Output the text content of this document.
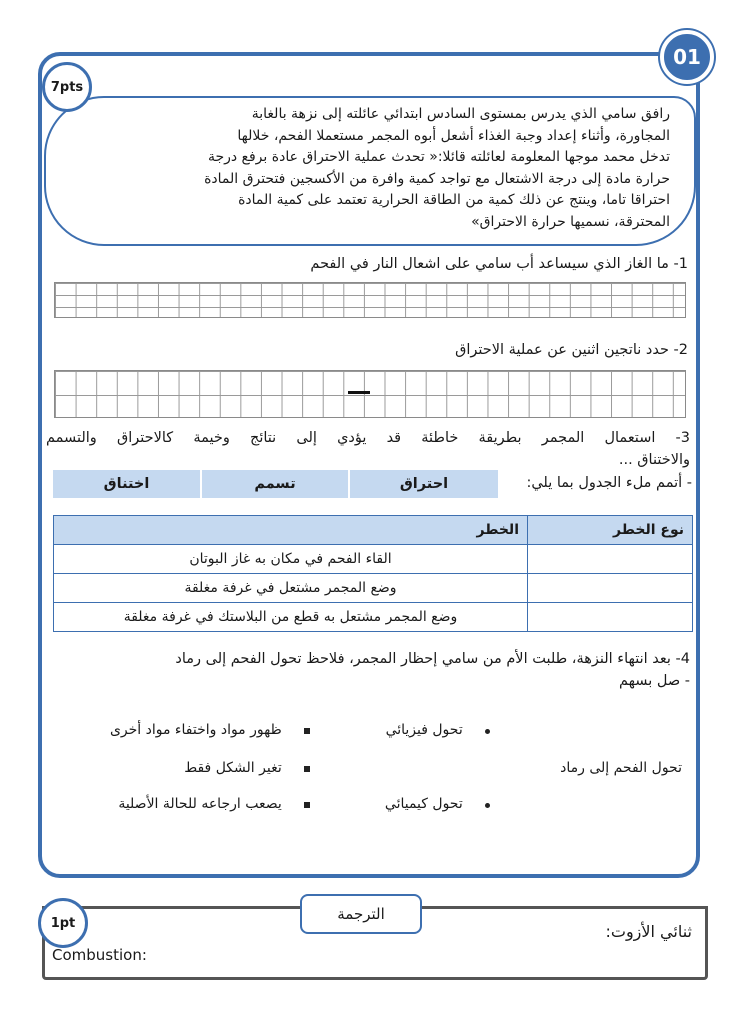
01
7pts
رافق سامي الذي يدرس بمستوى السادس ابتدائي عائلته إلى نزهة بالغابة
المجاورة، وأثناء إعداد وجبة الغذاء أشعل أبوه المجمر مستعملا الفحم، خلالها
تدخل محمد موجها المعلومة لعائلته قائلا:« تحدث عملية الاحتراق عادة برفع درجة
حرارة مادة إلى درجة الاشتعال مع تواجد كمية وافرة من الأكسجين فتحترق المادة
احتراقا تاما، وينتج عن ذلك كمية من الطاقة الحرارية تعتمد على كمية المادة
المحترقة، نسميها حرارة الاحتراق»
1- ما الغاز الذي سيساعد أب سامي على اشعال النار في الفحم
2- حدد ناتجين اثنين عن عملية الاحتراق
3- استعمال المجمر بطريقة خاطئة قد يؤدي إلى نتائج وخيمة كالاحتراق والتسمم
والاختناق ...
- أتمم ملء الجدول بما يلي:
احتراق
تسمم
اختناق
نوع الخطر	الخطر
	القاء الفحم في مكان به غاز البوتان
	وضع المجمر مشتعل في غرفة مغلقة
	وضع المجمر مشتعل به قطع من البلاستك في غرفة مغلقة
4- بعد انتهاء النزهة، طلبت الأم من سامي إحظار المجمر، فلاحظ تحول الفحم إلى رماد
- صل بسهم
تحول الفحم إلى رماد
تحول فيزيائي
تحول كيميائي
ظهور مواد واختفاء مواد أخرى
تغير الشكل فقط
يصعب ارجاعه للحالة الأصلية
الترجمة
1pt	ثنائي الأزوت:
Combustion:
